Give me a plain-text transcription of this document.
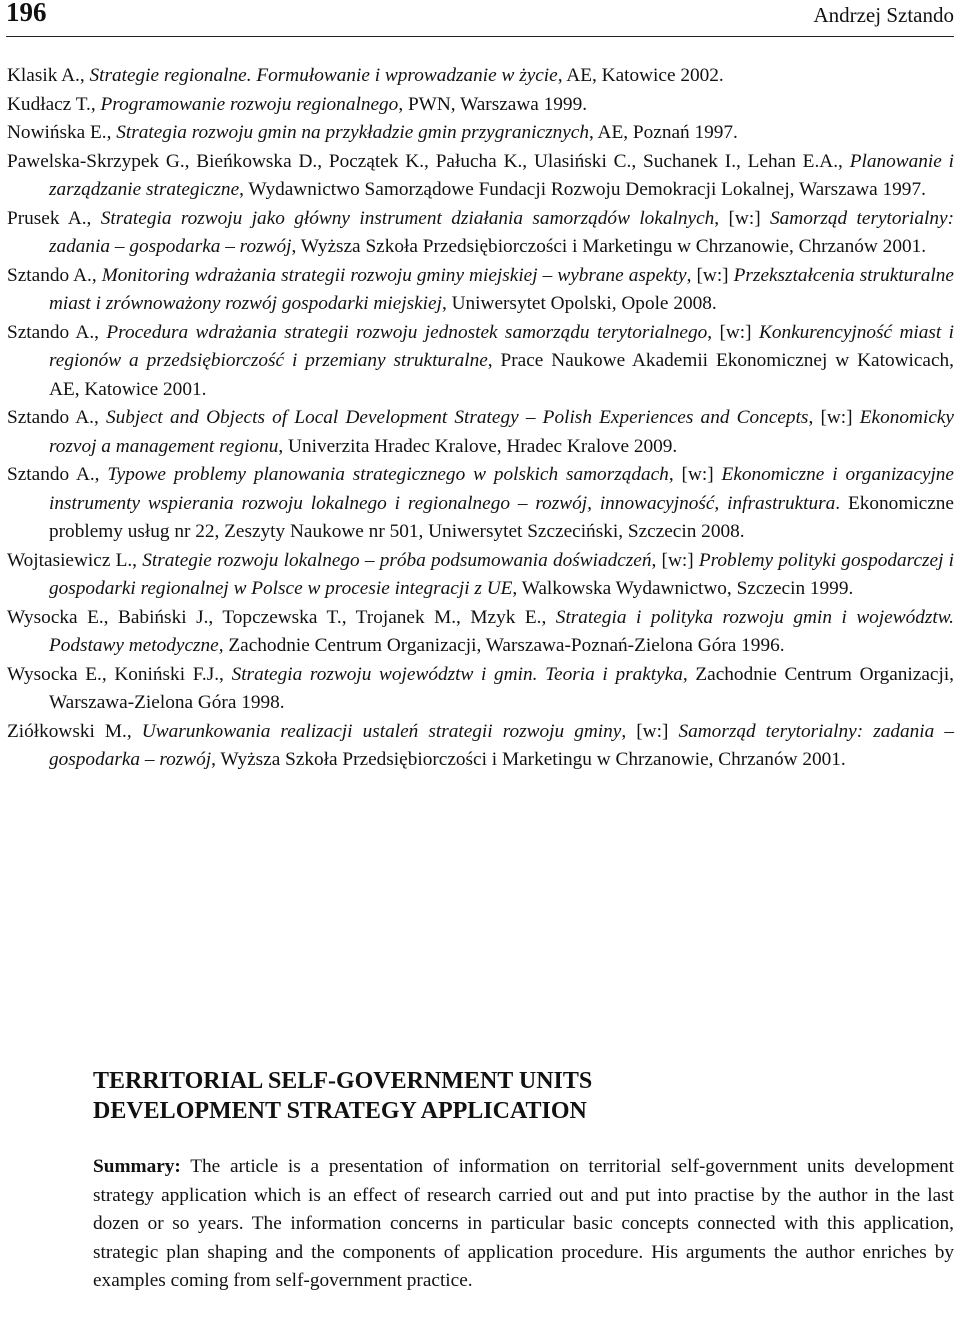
196	Andrzej Sztando
Klasik A., Strategie regionalne. Formułowanie i wprowadzanie w życie, AE, Katowice 2002.
Kudłacz T., Programowanie rozwoju regionalnego, PWN, Warszawa 1999.
Nowińska E., Strategia rozwoju gmin na przykładzie gmin przygranicznych, AE, Poznań 1997.
Pawelska-Skrzypek G., Bieńkowska D., Początek K., Pałucha K., Ulasiński C., Suchanek I., Lehan E.A., Planowanie i zarządzanie strategiczne, Wydawnictwo Samorządowe Fundacji Rozwoju Demokracji Lokalnej, Warszawa 1997.
Prusek A., Strategia rozwoju jako główny instrument działania samorządów lokalnych, [w:] Samorząd terytorialny: zadania – gospodarka – rozwój, Wyższa Szkoła Przedsiębiorczości i Marketingu w Chrzanowie, Chrzanów 2001.
Sztando A., Monitoring wdrażania strategii rozwoju gminy miejskiej – wybrane aspekty, [w:] Przekształcenia strukturalne miast i zrównoważony rozwój gospodarki miejskiej, Uniwersytet Opolski, Opole 2008.
Sztando A., Procedura wdrażania strategii rozwoju jednostek samorządu terytorialnego, [w:] Konkurencyjność miast i regionów a przedsiębiorczość i przemiany strukturalne, Prace Naukowe Akademii Ekonomicznej w Katowicach, AE, Katowice 2001.
Sztando A., Subject and Objects of Local Development Strategy – Polish Experiences and Concepts, [w:] Ekonomicky rozvoj a management regionu, Univerzita Hradec Kralove, Hradec Kralove 2009.
Sztando A., Typowe problemy planowania strategicznego w polskich samorządach, [w:] Ekonomiczne i organizacyjne instrumenty wspierania rozwoju lokalnego i regionalnego – rozwój, innowacyjność, infrastruktura. Ekonomiczne problemy usług nr 22, Zeszyty Naukowe nr 501, Uniwersytet Szczeciński, Szczecin 2008.
Wojtasiewicz L., Strategie rozwoju lokalnego – próba podsumowania doświadczeń, [w:] Problemy polityki gospodarczej i gospodarki regionalnej w Polsce w procesie integracji z UE, Walkowska Wydawnictwo, Szczecin 1999.
Wysocka E., Babiński J., Topczewska T., Trojanek M., Mzyk E., Strategia i polityka rozwoju gmin i województw. Podstawy metodyczne, Zachodnie Centrum Organizacji, Warszawa-Poznań-Zielona Góra 1996.
Wysocka E., Koniński F.J., Strategia rozwoju województw i gmin. Teoria i praktyka, Zachodnie Centrum Organizacji, Warszawa-Zielona Góra 1998.
Ziółkowski M., Uwarunkowania realizacji ustaleń strategii rozwoju gminy, [w:] Samorząd terytorialny: zadania – gospodarka – rozwój, Wyższa Szkoła Przedsiębiorczości i Marketingu w Chrzanowie, Chrzanów 2001.
TERRITORIAL SELF-GOVERNMENT UNITS
DEVELOPMENT STRATEGY APPLICATION

Summary: The article is a presentation of information on territorial self-government units development strategy application which is an effect of research carried out and put into practise by the author in the last dozen or so years. The information concerns in particular basic concepts connected with this application, strategic plan shaping and the components of application procedure. His arguments the author enriches by examples coming from self-government practice.
